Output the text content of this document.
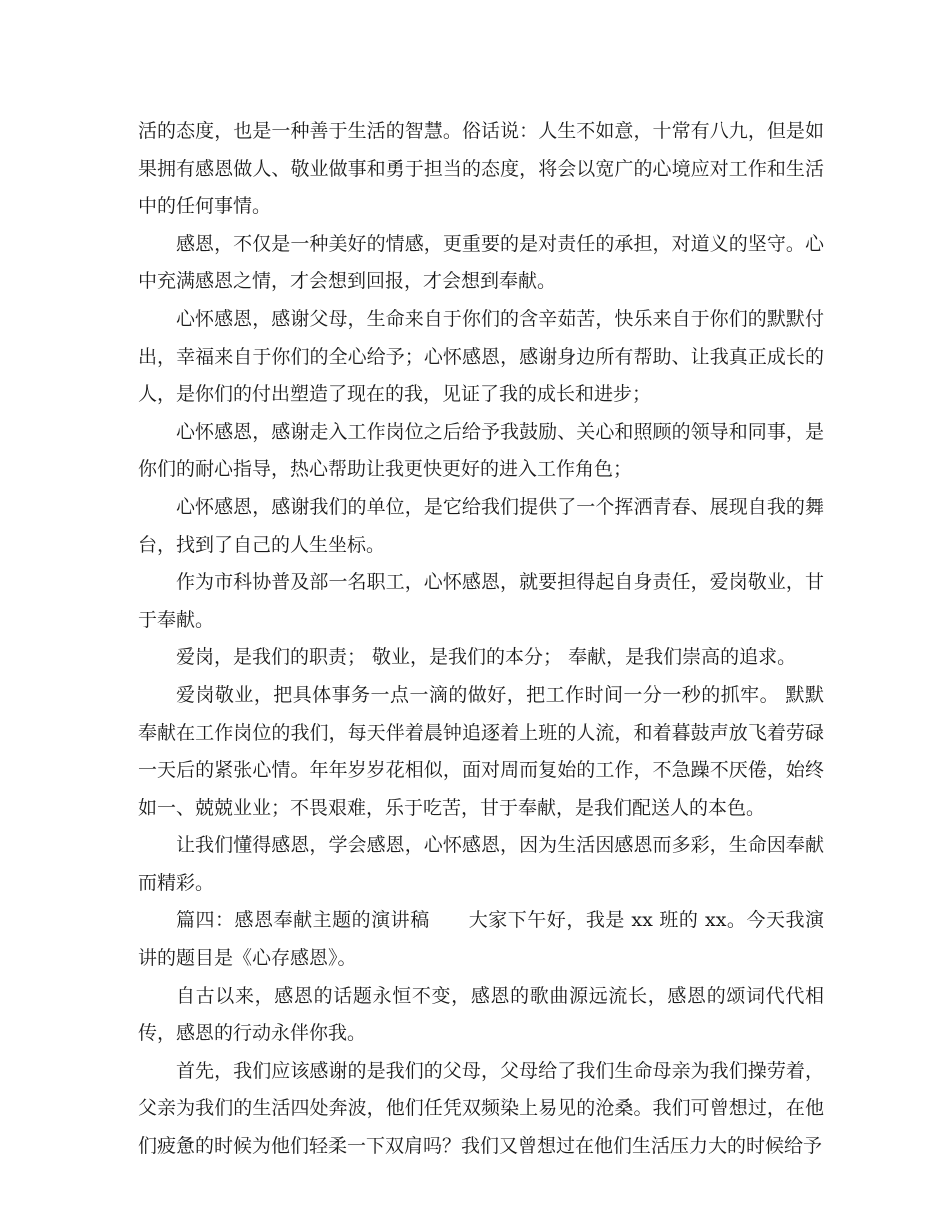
活的态度，也是一种善于生活的智慧。俗话说：人生不如意，十常有八九，但是如果拥有感恩做人、敬业做事和勇于担当的态度，将会以宽广的心境应对工作和生活中的任何事情。

感恩，不仅是一种美好的情感，更重要的是对责任的承担，对道义的坚守。心中充满感恩之情，才会想到回报，才会想到奉献。

心怀感恩，感谢父母，生命来自于你们的含辛茹苦，快乐来自于你们的默默付出，幸福来自于你们的全心给予；心怀感恩，感谢身边所有帮助、让我真正成长的人，是你们的付出塑造了现在的我，见证了我的成长和进步；

心怀感恩，感谢走入工作岗位之后给予我鼓励、关心和照顾的领导和同事，是你们的耐心指导，热心帮助让我更快更好的进入工作角色；

心怀感恩，感谢我们的单位，是它给我们提供了一个挥洒青春、展现自我的舞台，找到了自己的人生坐标。

作为市科协普及部一名职工，心怀感恩，就要担得起自身责任，爱岗敬业，甘于奉献。

爱岗，是我们的职责； 敬业，是我们的本分； 奉献，是我们崇高的追求。

爱岗敬业，把具体事务一点一滴的做好，把工作时间一分一秒的抓牢。 默默奉献在工作岗位的我们，每天伴着晨钟追逐着上班的人流，和着暮鼓声放飞着劳碌一天后的紧张心情。年年岁岁花相似，面对周而复始的工作，不急躁不厌倦，始终如一、兢兢业业；不畏艰难，乐于吃苦，甘于奉献，是我们配送人的本色。

让我们懂得感恩，学会感恩，心怀感恩，因为生活因感恩而多彩，生命因奉献而精彩。

篇四：感恩奉献主题的演讲稿　　大家下午好，我是 xx 班的 xx。今天我演讲的题目是《心存感恩》。

自古以来，感恩的话题永恒不变，感恩的歌曲源远流长，感恩的颂词代代相传，感恩的行动永伴你我。

首先，我们应该感谢的是我们的父母，父母给了我们生命母亲为我们操劳着，父亲为我们的生活四处奔波，他们任凭双频染上易见的沧桑。我们可曾想过，在他们疲惫的时候为他们轻柔一下双肩吗？我们又曾想过在他们生活压力大的时候给予
